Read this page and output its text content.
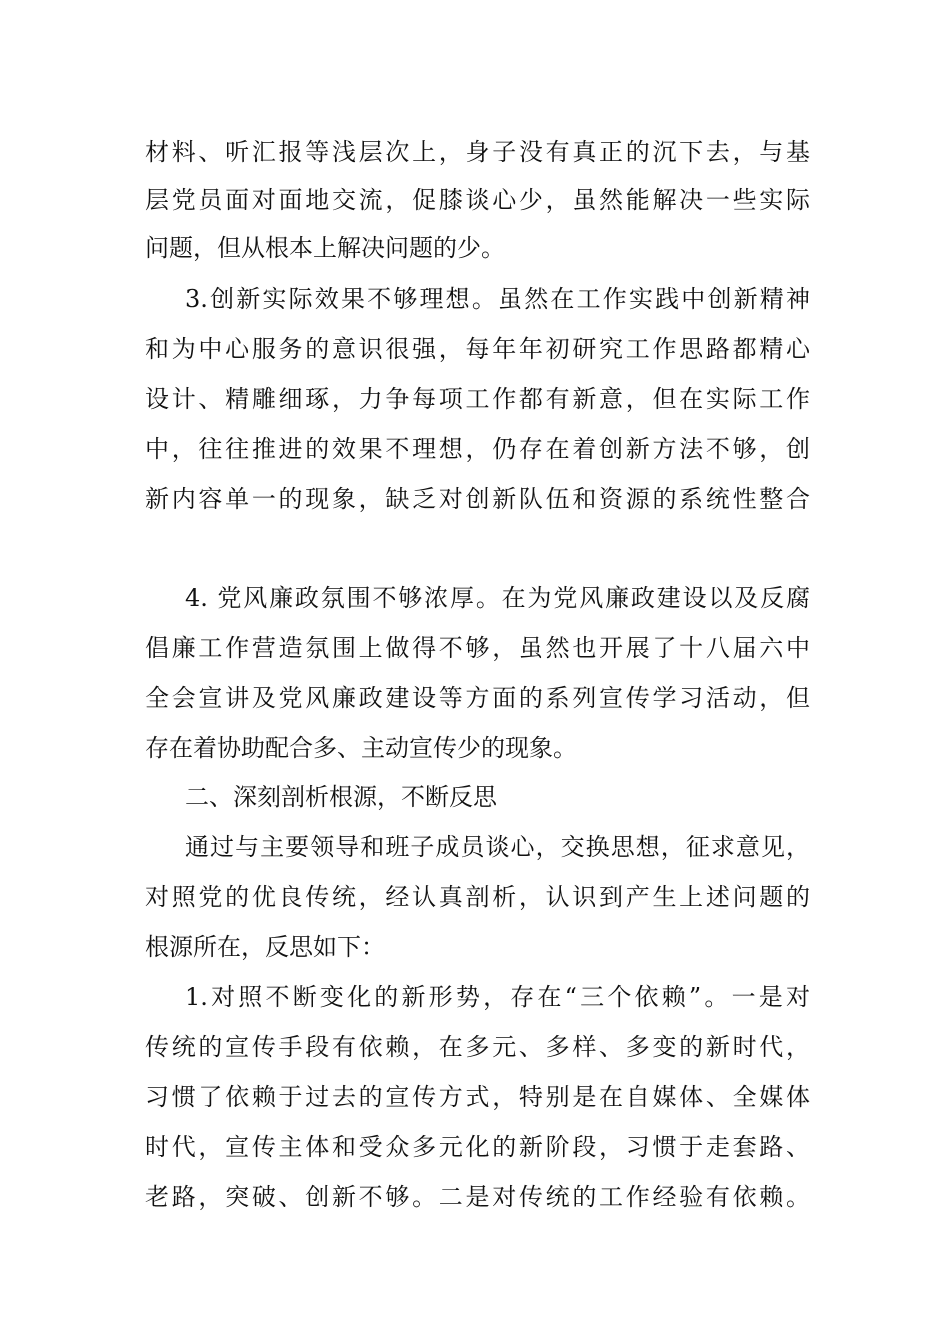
材料、听汇报等浅层次上，身子没有真正的沉下去，与基
层党员面对面地交流，促膝谈心少，虽然能解决一些实际
问题，但从根本上解决问题的少。
3.创新实际效果不够理想。虽然在工作实践中创新精神
和为中心服务的意识很强，每年年初研究工作思路都精心
设计、精雕细琢，力争每项工作都有新意，但在实际工作
中，往往推进的效果不理想，仍存在着创新方法不够，创
新内容单一的现象，缺乏对创新队伍和资源的系统性整合
4. 党风廉政氛围不够浓厚。在为党风廉政建设以及反腐
倡廉工作营造氛围上做得不够，虽然也开展了十八届六中
全会宣讲及党风廉政建设等方面的系列宣传学习活动，但
存在着协助配合多、主动宣传少的现象。
二、深刻剖析根源，不断反思
通过与主要领导和班子成员谈心，交换思想，征求意见，
对照党的优良传统，经认真剖析，认识到产生上述问题的
根源所在，反思如下：
1.对照不断变化的新形势，存在“三个依赖”。一是对
传统的宣传手段有依赖，在多元、多样、多变的新时代，
习惯了依赖于过去的宣传方式，特别是在自媒体、全媒体
时代，宣传主体和受众多元化的新阶段，习惯于走套路、
老路，突破、创新不够。二是对传统的工作经验有依赖。
